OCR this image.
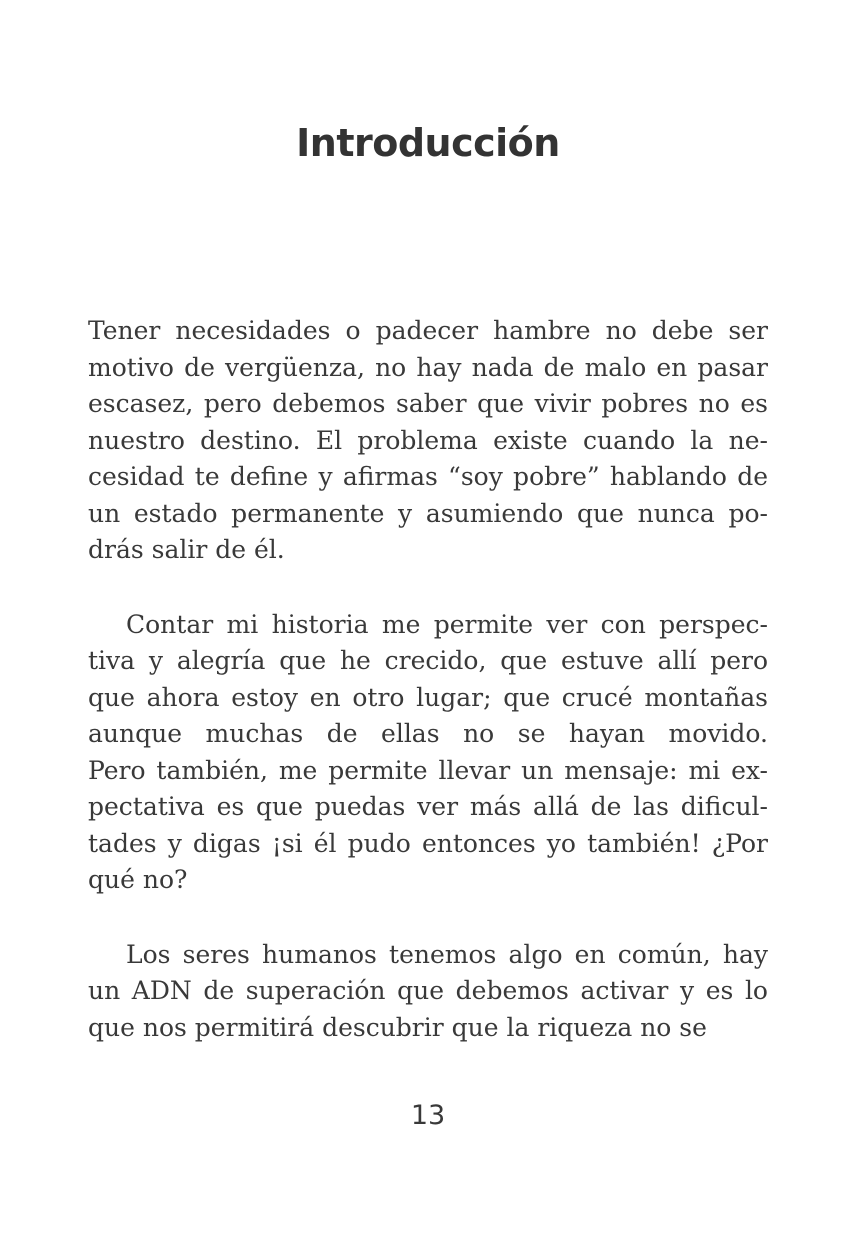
Introducción
Tener necesidades o padecer hambre no debe ser
motivo de vergüenza, no hay nada de malo en pasar
escasez, pero debemos saber que vivir pobres no es
nuestro destino. El problema existe cuando la ne-
cesidad te define y afirmas “soy pobre” hablando de
un estado permanente y asumiendo que nunca po-
drás salir de él.
Contar mi historia me permite ver con perspec-
tiva y alegría que he crecido, que estuve allí pero
que ahora estoy en otro lugar; que crucé montañas
aunque muchas de ellas no se hayan movido.
Pero también, me permite llevar un mensaje: mi ex-
pectativa es que puedas ver más allá de las dificul-
tades y digas ¡si él pudo entonces yo también! ¿Por
qué no?
Los seres humanos tenemos algo en común, hay
un ADN de superación que debemos activar y es lo
que nos permitirá descubrir que la riqueza no se
13
